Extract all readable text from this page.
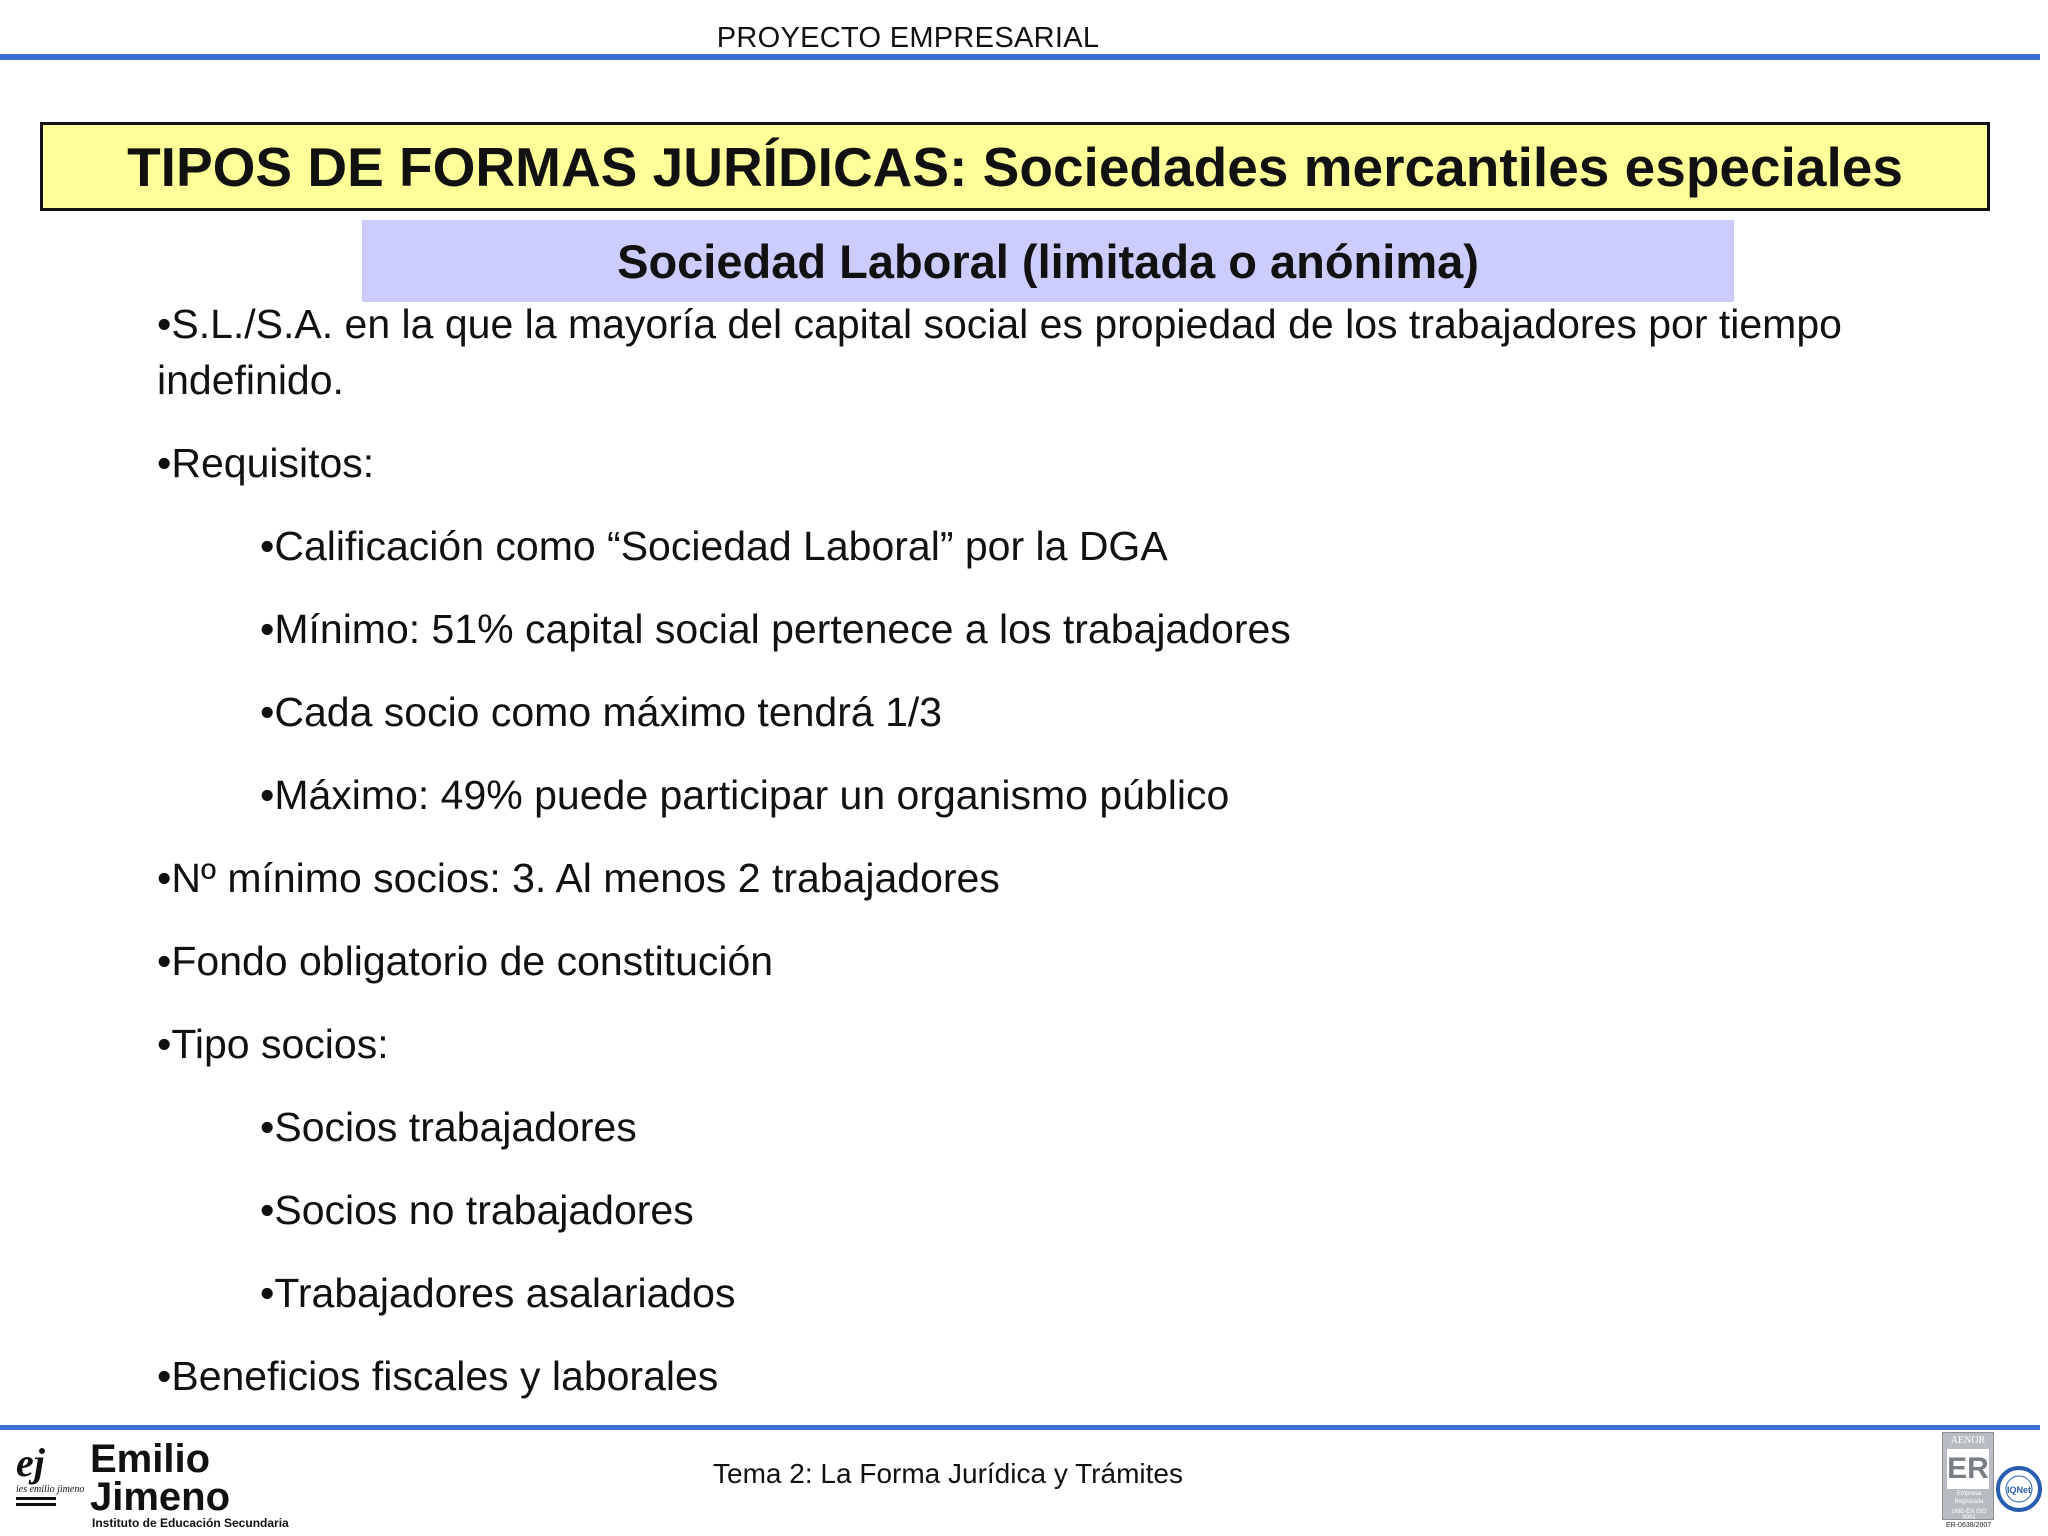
PROYECTO EMPRESARIAL
TIPOS DE FORMAS JURÍDICAS: Sociedades mercantiles especiales
Sociedad Laboral (limitada o anónima)
•S.L./S.A. en la que la mayoría del capital social es propiedad de los trabajadores por tiempo indefinido.
•Requisitos:
•Calificación como “Sociedad Laboral” por la DGA
•Mínimo: 51% capital social pertenece a los trabajadores
•Cada socio como máximo tendrá 1/3
•Máximo: 49% puede participar un organismo público
•Nº mínimo socios: 3. Al menos 2 trabajadores
•Fondo obligatorio de constitución
•Tipo socios:
•Socios trabajadores
•Socios no trabajadores
•Trabajadores asalariados
•Beneficios fiscales y laborales
ej
ies emilio jimeno
Emilio
Jimeno
Instituto de Educación Secundaria
Tema 2: La Forma Jurídica y Trámites
AENOR
ER
Empresa
Registrada
UNE-EN ISO 9001
IQNet
ER-0638/2007
